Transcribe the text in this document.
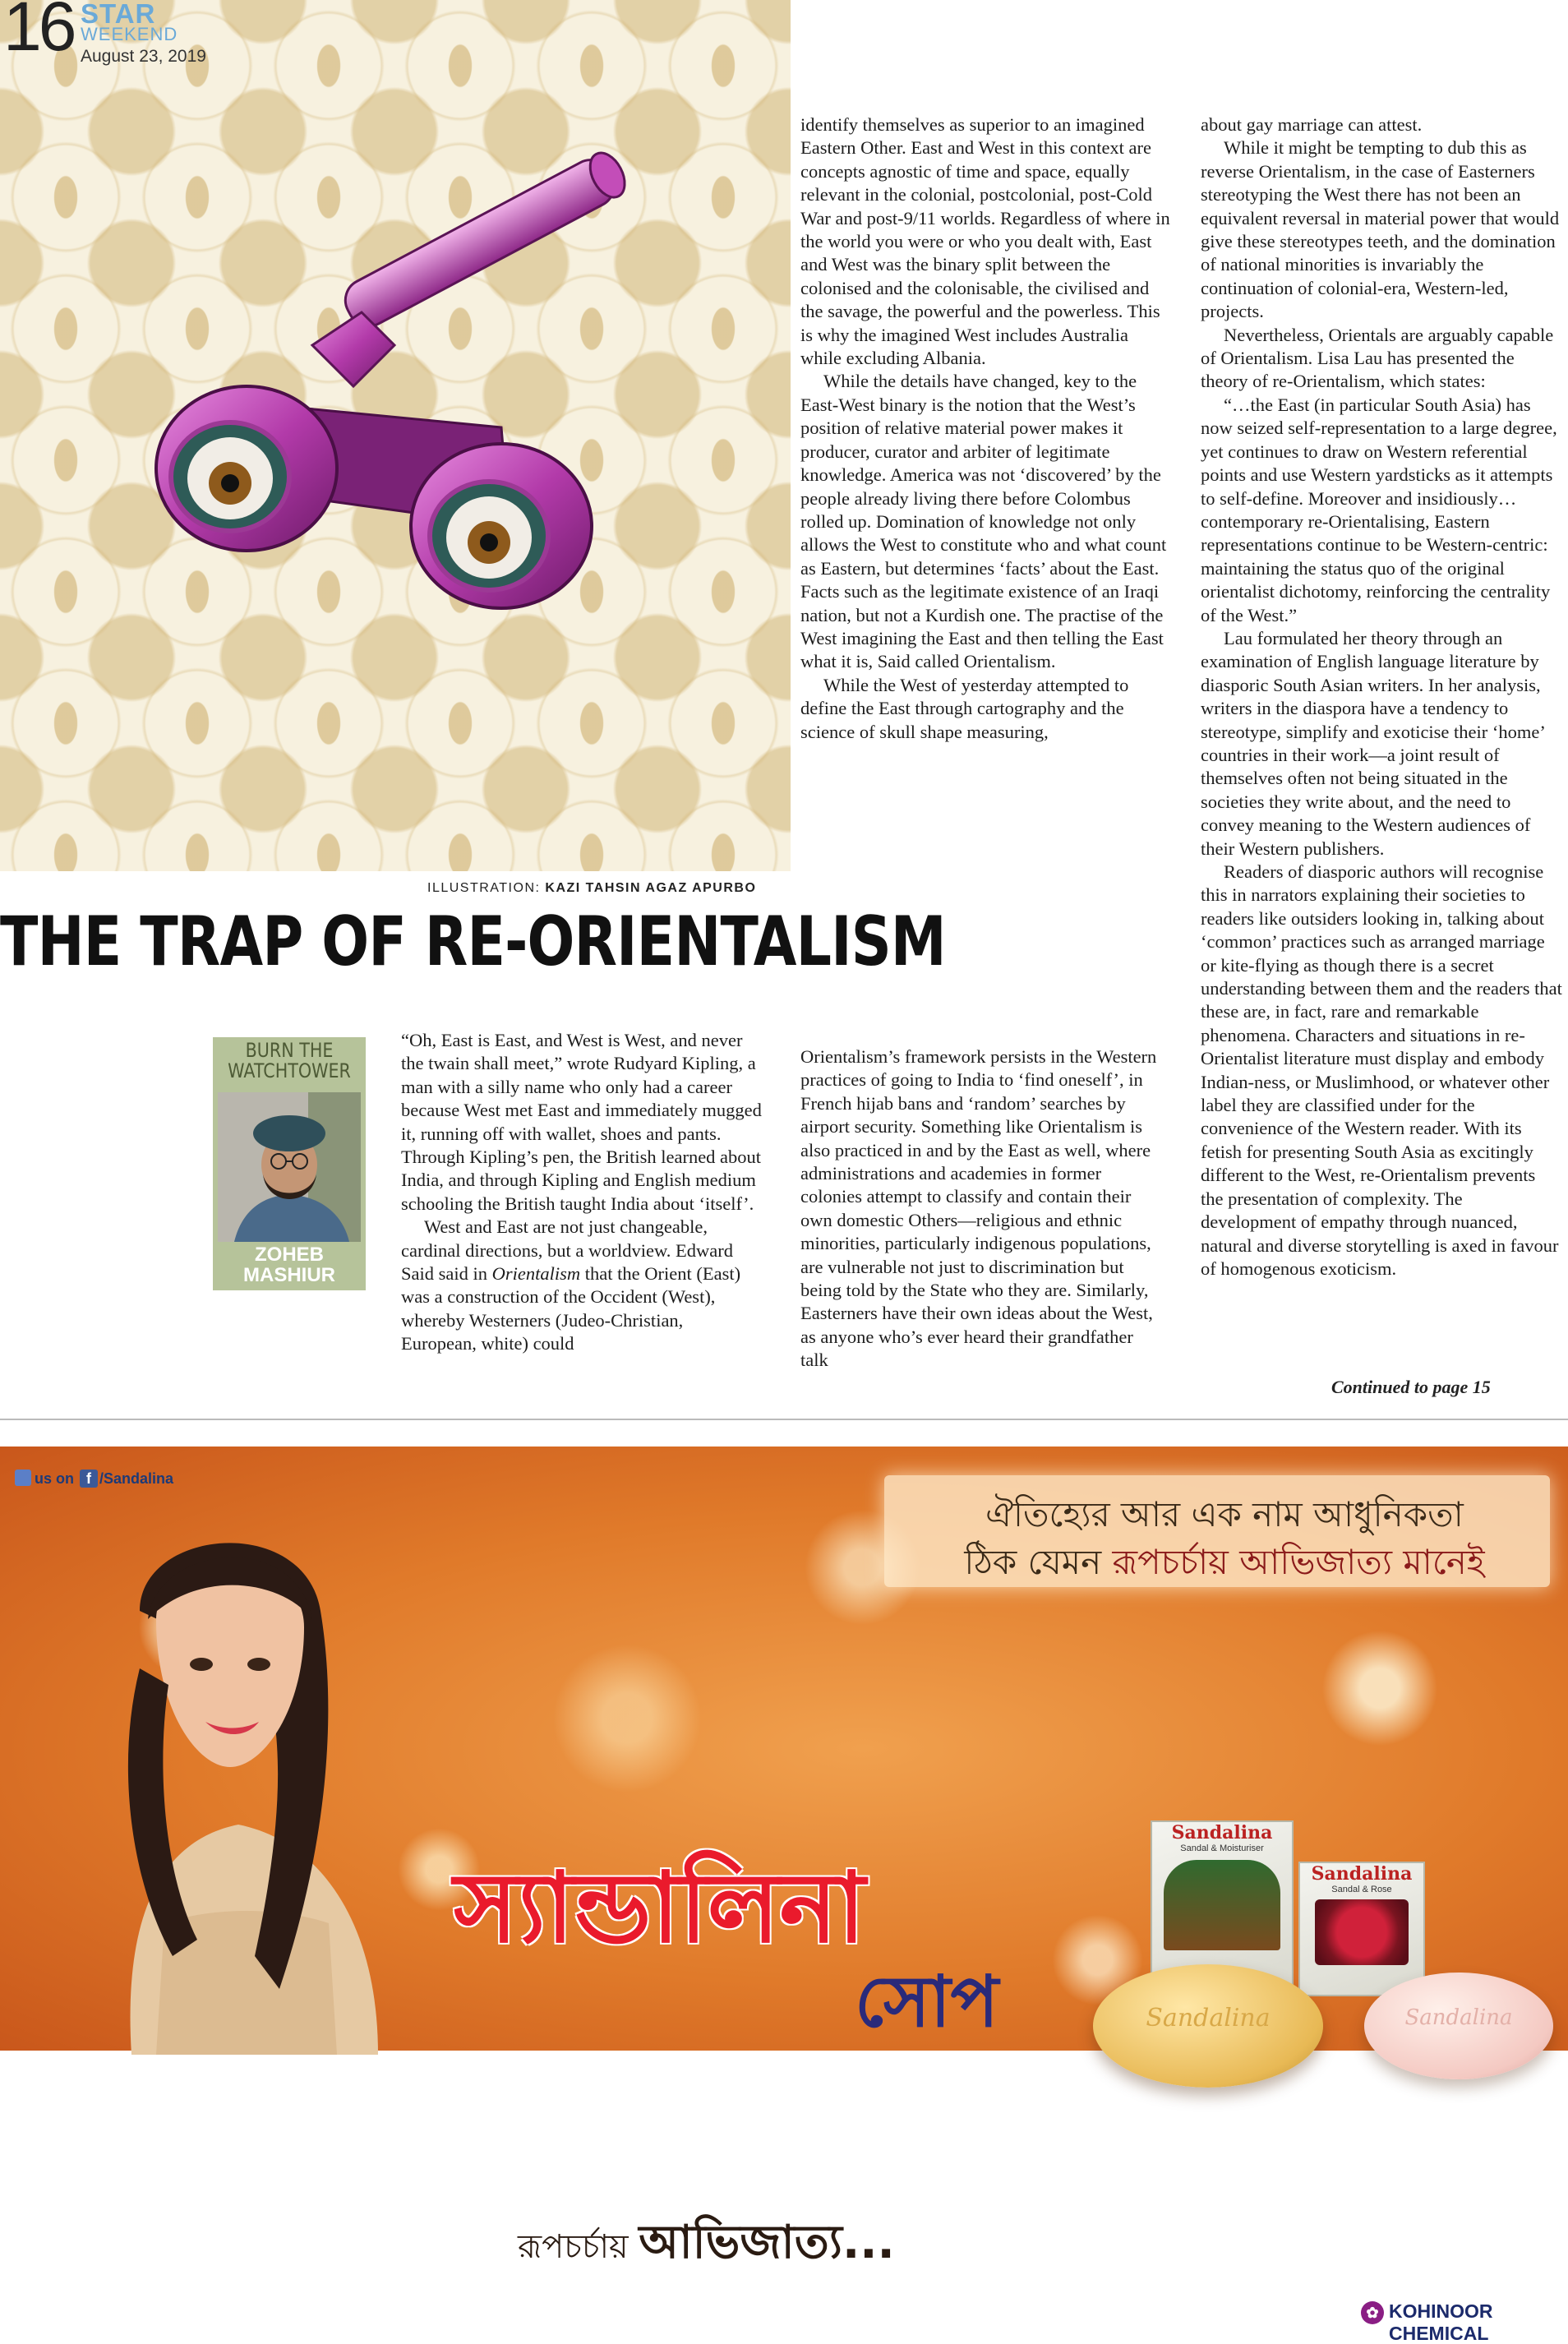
16 STAR
WEEKEND
August 23, 2019
ILLUSTRATION: KAZI TAHSIN AGAZ APURBO
THE TRAP OF RE-ORIENTALISM
BURN THE WATCHTOWER
ZOHEB MASHIUR

“Oh, East is East, and West is West, and never the twain shall meet,” wrote Rudyard Kipling, a man with a silly name who only had a career because West met East and immediately mugged it, running off with wallet, shoes and pants. Through Kipling’s pen, the British learned about India, and through Kipling and English medium schooling the British taught India about ‘itself’.

West and East are not just changeable, cardinal directions, but a worldview. Edward Said said in Orientalism that the Orient (East) was a construction of the Occident (West), whereby Westerners (Judeo-Christian, European, white) could

Orientalism’s framework persists in the Western practices of going to India to ‘find oneself’, in French hijab bans and ‘random’ searches by airport security. Something like Orientalism is also practiced in and by the East as well, where administrations and academies in former colonies attempt to classify and contain their own domestic Others—religious and ethnic minorities, particularly indigenous populations, are vulnerable not just to discrimination but being told by the State who they are. Similarly, Easterners have their own ideas about the West, as anyone who’s ever heard their grandfather talk

identify themselves as superior to an imagined Eastern Other. East and West in this context are concepts agnostic of time and space, equally relevant in the colonial, postcolonial, post-Cold War and post-9/11 worlds. Regardless of where in the world you were or who you dealt with, East and West was the binary split between the colonised and the colonisable, the civilised and the savage, the powerful and the powerless. This is why the imagined West includes Australia while excluding Albania.

While the details have changed, key to the East-West binary is the notion that the West’s position of relative material power makes it producer, curator and arbiter of legitimate knowledge. America was not ‘discovered’ by the people already living there before Colombus rolled up. Domination of knowledge not only allows the West to constitute who and what count as Eastern, but determines ‘facts’ about the East. Facts such as the legitimate existence of an Iraqi nation, but not a Kurdish one. The practise of the West imagining the East and then telling the East what it is, Said called Orientalism.

While the West of yesterday attempted to define the East through cartography and the science of skull shape measuring,

about gay marriage can attest.

While it might be tempting to dub this as reverse Orientalism, in the case of Easterners stereotyping the West there has not been an equivalent reversal in material power that would give these stereotypes teeth, and the domination of national minorities is invariably the continuation of colonial-era, Western-led, projects.

Nevertheless, Orientals are arguably capable of Orientalism. Lisa Lau has presented the theory of re-Orientalism, which states:

“…the East (in particular South Asia) has now seized self-representation to a large degree, yet continues to draw on Western referential points and use Western yardsticks as it attempts to self-define. Moreover and insidiously… contemporary re-Orientalising, Eastern representations continue to be Western-centric: maintaining the status quo of the original orientalist dichotomy, reinforcing the centrality of the West.”

Lau formulated her theory through an examination of English language literature by diasporic South Asian writers. In her analysis, writers in the diaspora have a tendency to stereotype, simplify and exoticise their ‘home’ countries in their work—a joint result of themselves often not being situated in the societies they write about, and the need to convey meaning to the Western audiences of their Western publishers.

Readers of diasporic authors will recognise this in narrators explaining their societies to readers like outsiders looking in, talking about ‘common’ practices such as arranged marriage or kite-flying as though there is a secret understanding between them and the readers that these are, in fact, rare and remarkable phenomena. Characters and situations in re-Orientalist literature must display and embody Indian-ness, or Muslimhood, or whatever other label they are classified under for the convenience of the Western reader. With its fetish for presenting South Asia as excitingly different to the West, re-Orientalism prevents the presentation of complexity. The development of empathy through nuanced, natural and diverse storytelling is axed in favour of homogenous exoticism.

Continued to page 15
us on f /Sandalina
ঐতিহ্যের আর এক নাম আধুনিকতা
ঠিক যেমন রূপচর্চায় আভিজাত্য মানেই
স্যান্ডালিনা
সোপ
রূপচর্চায় আভিজাত্য...
Sandalina
Sandal & Moisturiser
Sandalina
Sandal & Rose
Sandalina	Sandalina
✿ KOHINOOR
CHEMICAL
